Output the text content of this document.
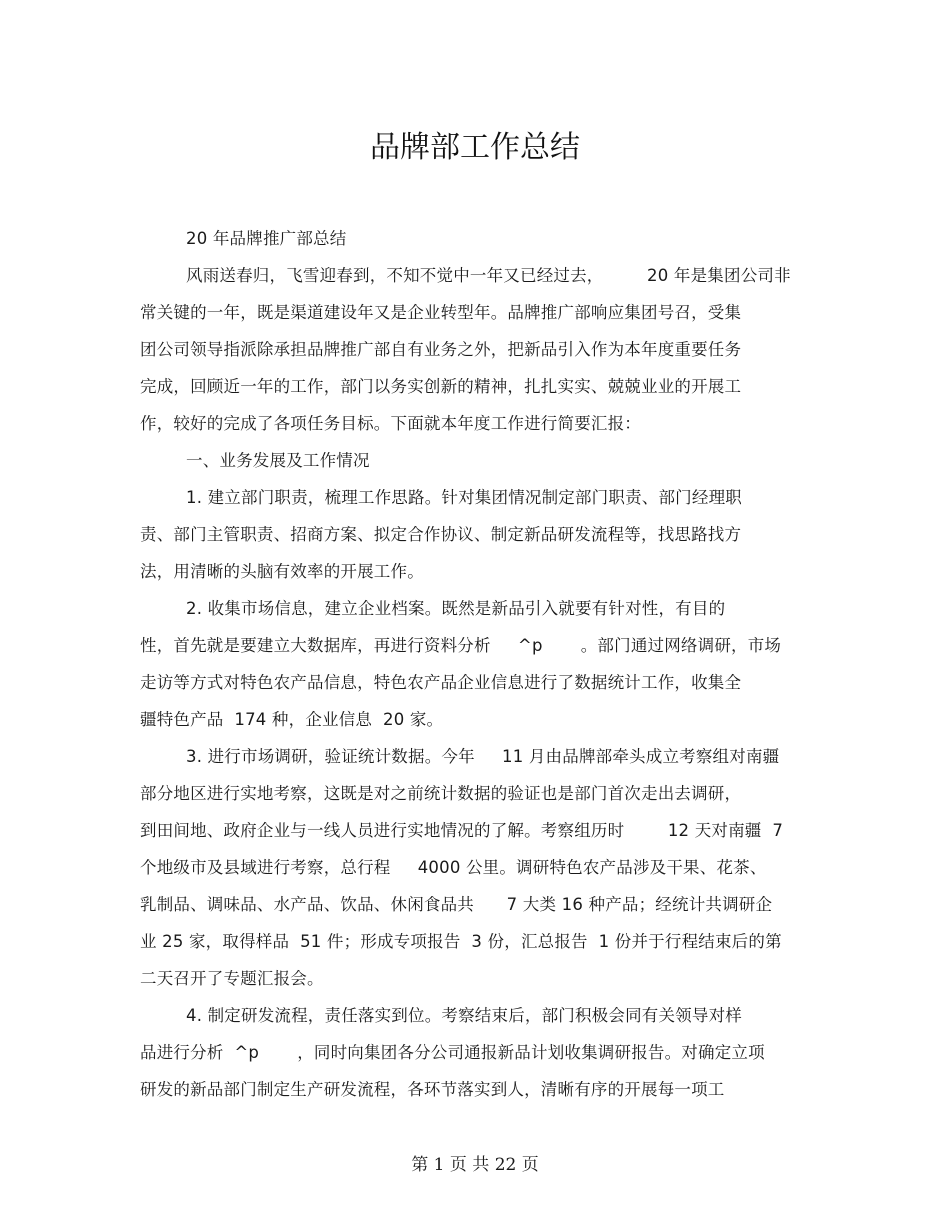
品牌部工作总结
20 年品牌推广部总结
风雨送春归，飞雪迎春到，不知不觉中一年又已经过去，        20 年是集团公司非
常关键的一年，既是渠道建设年又是企业转型年。品牌推广部响应集团号召，受集
团公司领导指派除承担品牌推广部自有业务之外，把新品引入作为本年度重要任务
完成，回顾近一年的工作，部门以务实创新的精神，扎扎实实、兢兢业业的开展工
作，较好的完成了各项任务目标。下面就本年度工作进行简要汇报：
一、业务发展及工作情况
1. 建立部门职责，梳理工作思路。针对集团情况制定部门职责、部门经理职
责、部门主管职责、招商方案、拟定合作协议、制定新品研发流程等，找思路找方
法，用清晰的头脑有效率的开展工作。
2. 收集市场信息，建立企业档案。既然是新品引入就要有针对性，有目的
性，首先就是要建立大数据库，再进行资料分析     ^p       。部门通过网络调研，市场
走访等方式对特色农产品信息，特色农产品企业信息进行了数据统计工作，收集全
疆特色产品  174 种，企业信息  20 家。
3. 进行市场调研，验证统计数据。今年     11 月由品牌部牵头成立考察组对南疆
部分地区进行实地考察，这既是对之前统计数据的验证也是部门首次走出去调研，
到田间地、政府企业与一线人员进行实地情况的了解。考察组历时        12 天对南疆  7
个地级市及县域进行考察，总行程     4000 公里。调研特色农产品涉及干果、花茶、
乳制品、调味品、水产品、饮品、休闲食品共      7 大类 16 种产品；经统计共调研企
业 25 家，取得样品  51 件；形成专项报告  3 份，汇总报告  1 份并于行程结束后的第
二天召开了专题汇报会。
4. 制定研发流程，责任落实到位。考察结束后，部门积极会同有关领导对样
品进行分析  ^p       ，同时向集团各分公司通报新品计划收集调研报告。对确定立项
研发的新品部门制定生产研发流程，各环节落实到人，清晰有序的开展每一项工
第 1 页 共 22 页
